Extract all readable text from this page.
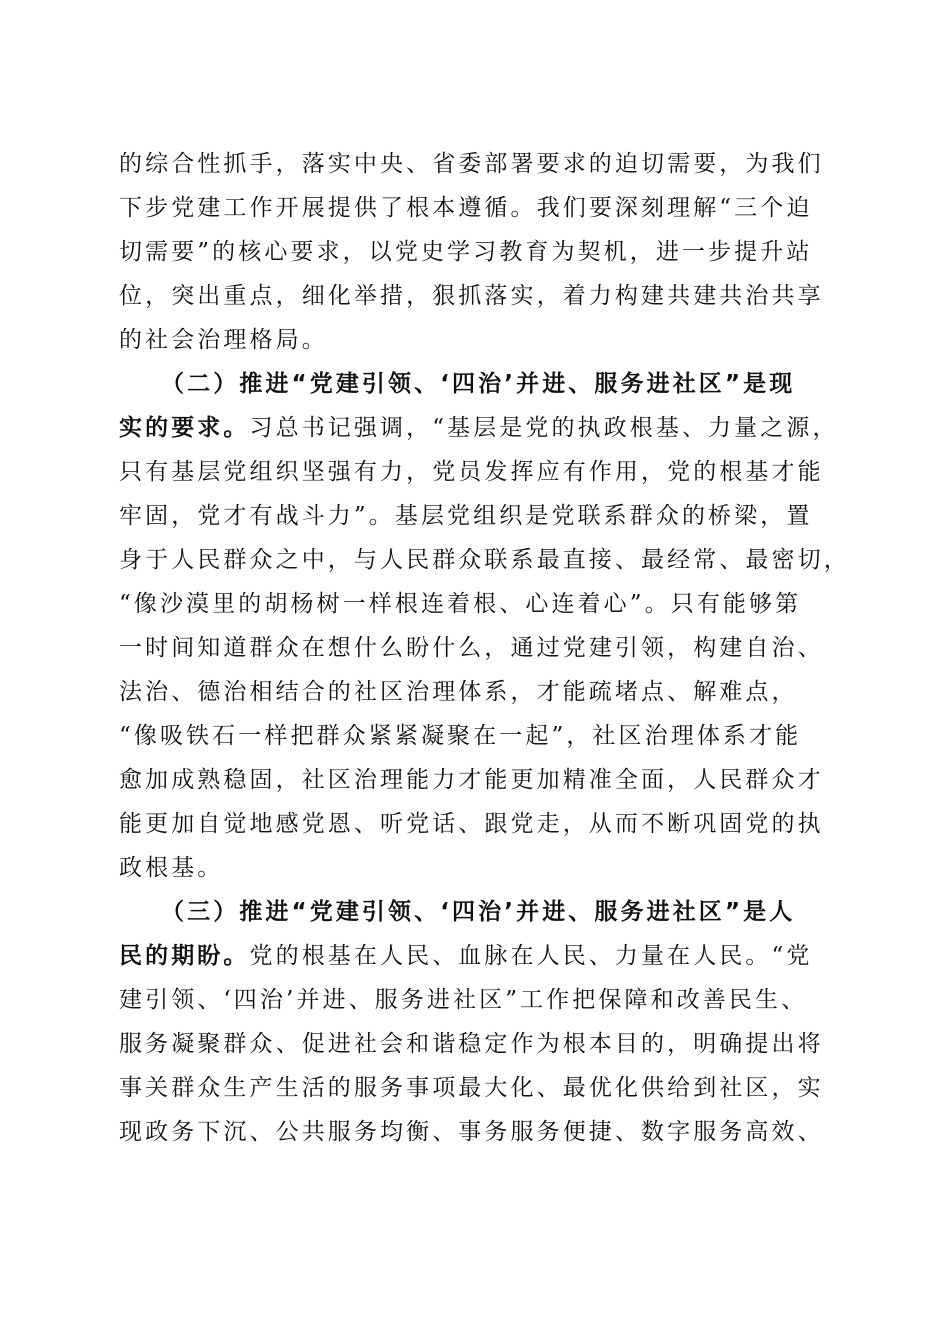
的综合性抓手，落实中央、省委部署要求的迫切需要，为我们
下步党建工作开展提供了根本遵循。我们要深刻理解“三个迫
切需要”的核心要求，以党史学习教育为契机，进一步提升站
位，突出重点，细化举措，狠抓落实，着力构建共建共治共享
的社会治理格局。
（二）推进“党建引领、‘四治’并进、服务进社区”是现
实的要求。习总书记强调，“基层是党的执政根基、力量之源，
只有基层党组织坚强有力，党员发挥应有作用，党的根基才能
牢固，党才有战斗力”。基层党组织是党联系群众的桥梁，置
身于人民群众之中，与人民群众联系最直接、最经常、最密切，
“像沙漠里的胡杨树一样根连着根、心连着心”。只有能够第
一时间知道群众在想什么盼什么，通过党建引领，构建自治、
法治、德治相结合的社区治理体系，才能疏堵点、解难点，
“像吸铁石一样把群众紧紧凝聚在一起”，社区治理体系才能
愈加成熟稳固，社区治理能力才能更加精准全面，人民群众才
能更加自觉地感党恩、听党话、跟党走，从而不断巩固党的执
政根基。
（三）推进“党建引领、‘四治’并进、服务进社区”是人
民的期盼。党的根基在人民、血脉在人民、力量在人民。“党
建引领、‘四治’并进、服务进社区”工作把保障和改善民生、
服务凝聚群众、促进社会和谐稳定作为根本目的，明确提出将
事关群众生产生活的服务事项最大化、最优化供给到社区，实
现政务下沉、公共服务均衡、事务服务便捷、数字服务高效、
